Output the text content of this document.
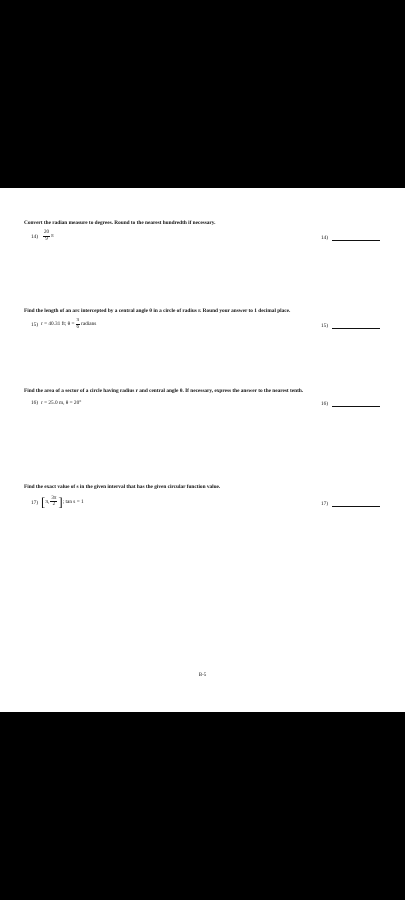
Convert the radian measure to degrees. Round to the nearest hundredth if necessary.

$14) \frac{20}{9}$ π	14)

Find the length of an arc intercepted by a central angle θ in a circle of radius r. Round your answer to 1 decimal place.

15) r = 40.31 ft; $\theta = \frac{\pi}{6}$ radians	15)

Find the area of a sector of a circle having radius r and central angle θ. If necessary, express the answer to the nearest tenth.

16) r = 25.0 m, θ = 20°	16)

Find the exact value of s in the given interval that has the given circular function value.

17) [ π, $\frac{3\pi}{2}$ ] ; tan s = 1	17)
B-5
